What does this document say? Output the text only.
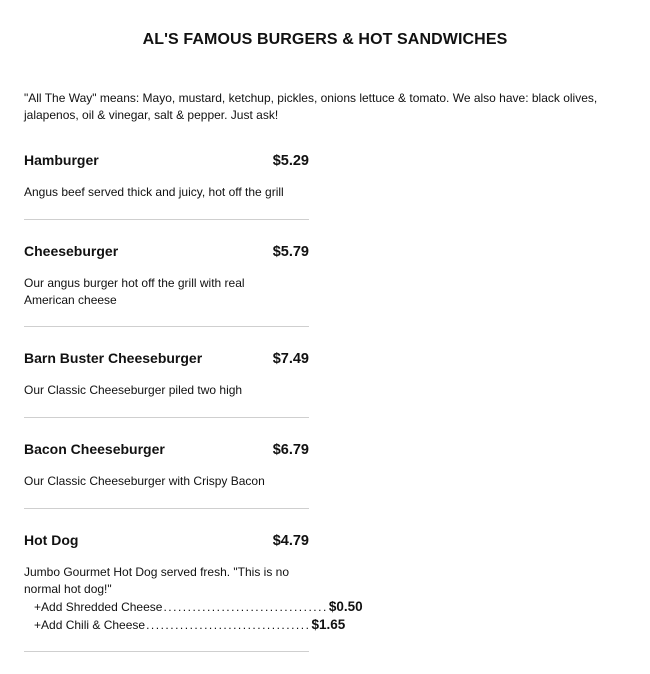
AL'S FAMOUS BURGERS & HOT SANDWICHES
"All The Way" means: Mayo, mustard, ketchup, pickles, onions lettuce & tomato. We also have: black olives, jalapenos, oil & vinegar, salt & pepper. Just ask!
Hamburger	$5.29
Angus beef served thick and juicy, hot off the grill
Cheeseburger	$5.79
Our angus burger hot off the grill with real American cheese
Barn Buster Cheeseburger	$7.49
Our Classic Cheeseburger piled two high
Bacon Cheeseburger	$6.79
Our Classic Cheeseburger with Crispy Bacon
Hot Dog	$4.79
Jumbo Gourmet Hot Dog served fresh. "This is no normal hot dog!"
+ Add Shredded Cheese .................................. $0.50
+ Add Chili & Cheese .................................. $1.65
